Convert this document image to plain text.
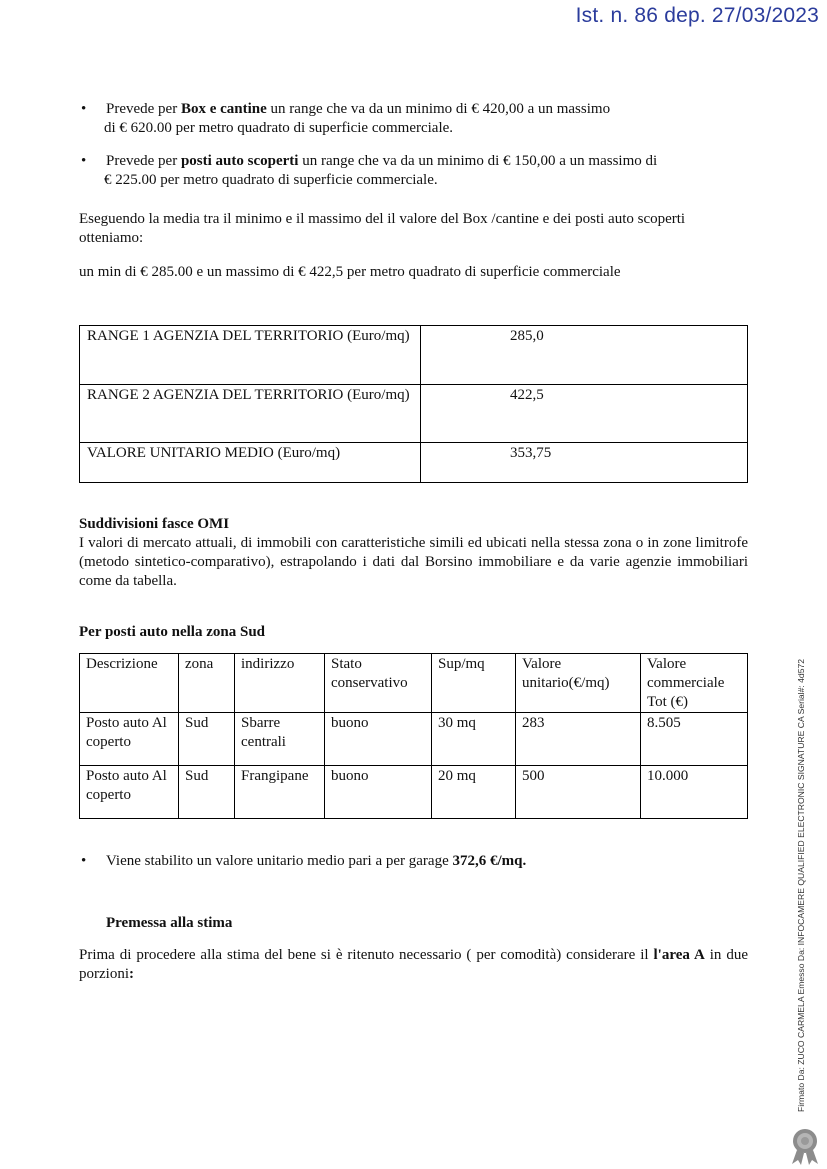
Ist. n. 86 dep. 27/03/2023
• Prevede per Box e cantine un range che va da un minimo di € 420,00 a un massimo
di € 620.00 per metro quadrato di superficie commerciale.
• Prevede per posti auto scoperti un range che va da un minimo di € 150,00 a un massimo di
€ 225.00 per metro quadrato di superficie commerciale.
Eseguendo la media tra il minimo e il massimo del il valore del Box /cantine e dei posti auto scoperti otteniamo:
un min di € 285.00 e un massimo di € 422,5 per metro quadrato di superficie commerciale
RANGE 1 AGENZIA DEL TERRITORIO (Euro/mq)	285,0
RANGE 2 AGENZIA DEL TERRITORIO (Euro/mq)	422,5
VALORE UNITARIO MEDIO (Euro/mq)	353,75
Suddivisioni fasce OMI
I valori di mercato attuali, di immobili con caratteristiche simili ed ubicati nella stessa zona o in zone limitrofe (metodo sintetico-comparativo), estrapolando i dati dal Borsino immobiliare e da varie agenzie immobiliari come da tabella.
Per posti auto nella zona Sud
Descrizione	zona	indirizzo	Stato conservativo	Sup/mq	Valore unitario(€/mq)	Valore commerciale Tot (€)
Posto auto Al coperto	Sud	Sbarre centrali	buono	30 mq	283	8.505
Posto auto Al coperto	Sud	Frangipane	buono	20 mq	500	10.000
• Viene stabilito un valore unitario medio pari a per garage 372,6 €/mq.
Premessa alla stima
Prima di procedere alla stima del bene si è ritenuto necessario ( per comodità) considerare il l'area A in due porzioni:	Firmato Da: ZUCO CARMELA Emesso Da: INFOCAMERE QUALIFIED ELECTRONIC SIGNATURE CA Serial#: 4d572
